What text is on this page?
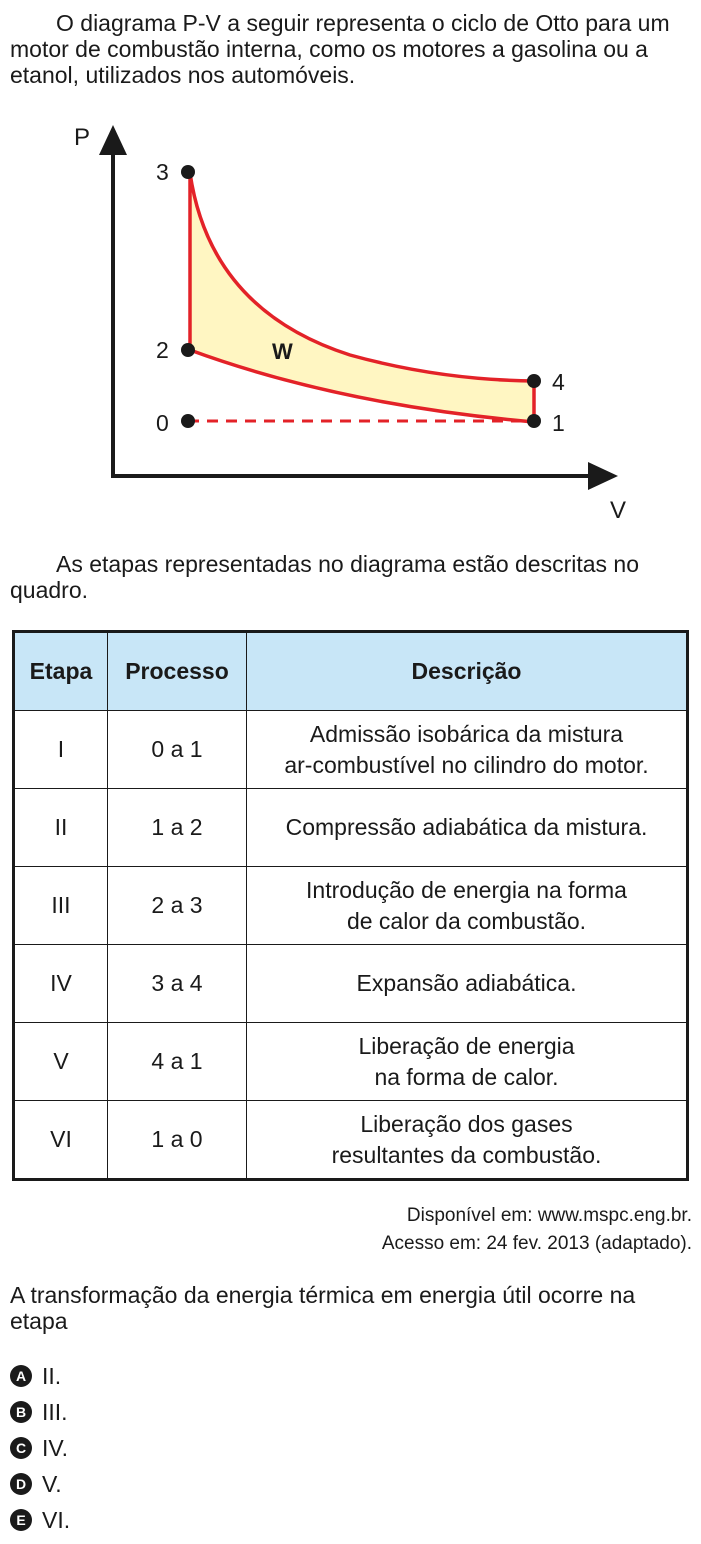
O diagrama P-V a seguir representa o ciclo de Otto para um motor de combustão interna, como os motores a gasolina ou a etanol, utilizados nos automóveis.

P
V
3
2
0
4
1
W

As etapas representadas no diagrama estão descritas no quadro.

Etapa	Processo	Descrição
I	0 a 1	Admissão isobárica da mistura
ar-combustível no cilindro do motor.

II	1 a 2	Compressão adiabática da mistura.

III	2 a 3	Introdução de energia na forma
de calor da combustão.

IV	3 a 4	Expansão adiabática.

V	4 a 1	Liberação de energia
na forma de calor.

VI	1 a 0	Liberação dos gases
resultantes da combustão.
Disponível em: www.mspc.eng.br.
Acesso em: 24 fev. 2013 (adaptado).

A transformação da energia térmica em energia útil ocorre na etapa

A II.
B III.
C IV.
D V.
E VI.
